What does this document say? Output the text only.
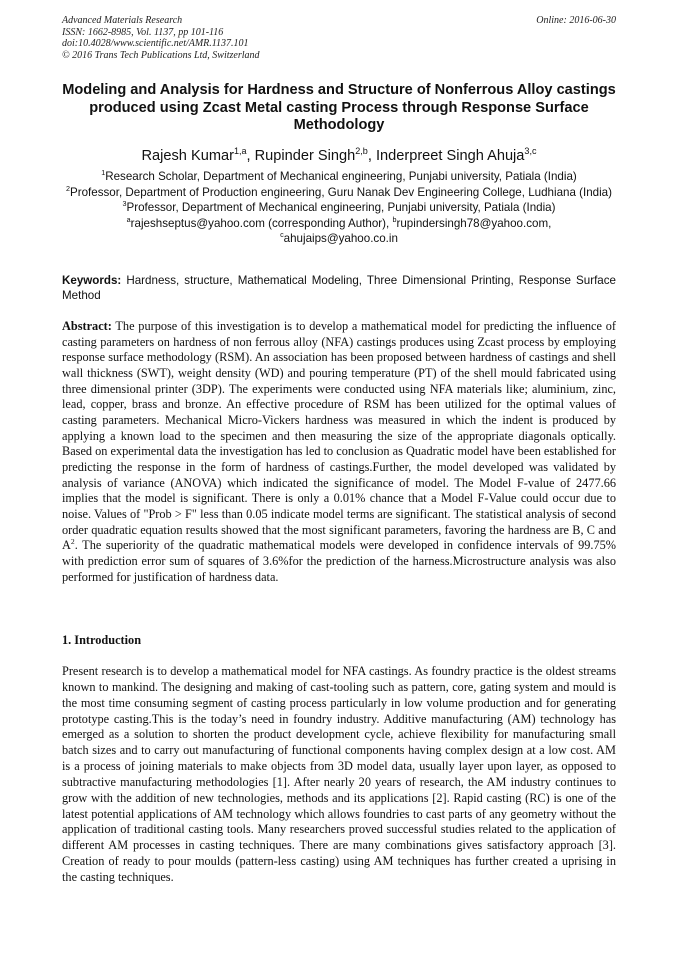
Advanced Materials Research
ISSN: 1662-8985, Vol. 1137, pp 101-116
doi:10.4028/www.scientific.net/AMR.1137.101
© 2016 Trans Tech Publications Ltd, Switzerland
Online: 2016-06-30
Modeling and Analysis for Hardness and Structure of Nonferrous Alloy castings produced using Zcast Metal casting Process through Response Surface Methodology
Rajesh Kumar$^{1,a}$, Rupinder Singh$^{2,b}$, Inderpreet Singh Ahuja$^{3,c}$
$^1$Research Scholar, Department of Mechanical engineering, Punjabi university, Patiala (India)
$^2$Professor, Department of Production engineering, Guru Nanak Dev Engineering College, Ludhiana (India)
$^3$Professor, Department of Mechanical engineering, Punjabi university, Patiala (India)
$^a$rajeshseptus@yahoo.com (corresponding Author), $^b$rupindersingh78@yahoo.com,
$^c$ahujaips@yahoo.co.in
Keywords: Hardness, structure, Mathematical Modeling, Three Dimensional Printing, Response Surface Method
Abstract: The purpose of this investigation is to develop a mathematical model for predicting the influence of casting parameters on hardness of non ferrous alloy (NFA) castings produces using Zcast process by employing response surface methodology (RSM). An association has been proposed between hardness of castings and shell wall thickness (SWT), weight density (WD) and pouring temperature (PT) of the shell mould fabricated using three dimensional printer (3DP). The experiments were conducted using NFA materials like; aluminium, zinc, lead, copper, brass and bronze. An effective procedure of RSM has been utilized for the optimal values of casting parameters. Mechanical Micro-Vickers hardness was measured in which the indent is produced by applying a known load to the specimen and then measuring the size of the appropriate diagonals optically. Based on experimental data the investigation has led to conclusion as Quadratic model have been established for predicting the response in the form of hardness of castings.Further, the model developed was validated by analysis of variance (ANOVA) which indicated the significance of model. The Model F-value of 2477.66 implies that the model is significant. There is only a 0.01% chance that a Model F-Value could occur due to noise. Values of "Prob > F" less than 0.05 indicate model terms are significant. The statistical analysis of second order quadratic equation results showed that the most significant parameters, favoring the hardness are B, C and $A^2$. The superiority of the quadratic mathematical models were developed in confidence intervals of 99.75% with prediction error sum of squares of 3.6%for the prediction of the harness.Microstructure analysis was also performed for justification of hardness data.
1. Introduction
Present research is to develop a mathematical model for NFA castings. As foundry practice is the oldest streams known to mankind. The designing and making of cast-tooling such as pattern, core, gating system and mould is the most time consuming segment of casting process particularly in low volume production and for generating prototype casting.This is the today’s need in foundry industry. Additive manufacturing (AM) technology has emerged as a solution to shorten the product development cycle, achieve flexibility for manufacturing small batch sizes and to carry out manufacturing of functional components having complex design at a low cost. AM is a process of joining materials to make objects from 3D model data, usually layer upon layer, as opposed to subtractive manufacturing methodologies [1]. After nearly 20 years of research, the AM industry continues to grow with the addition of new technologies, methods and its applications [2]. Rapid casting (RC) is one of the latest potential applications of AM technology which allows foundries to cast parts of any geometry without the application of traditional casting tools. Many researchers proved successful studies related to the application of different AM processes in casting techniques. There are many combinations gives satisfactory approach [3]. Creation of ready to pour moulds (pattern-less casting) using AM techniques has further created a uprising in the casting techniques.
